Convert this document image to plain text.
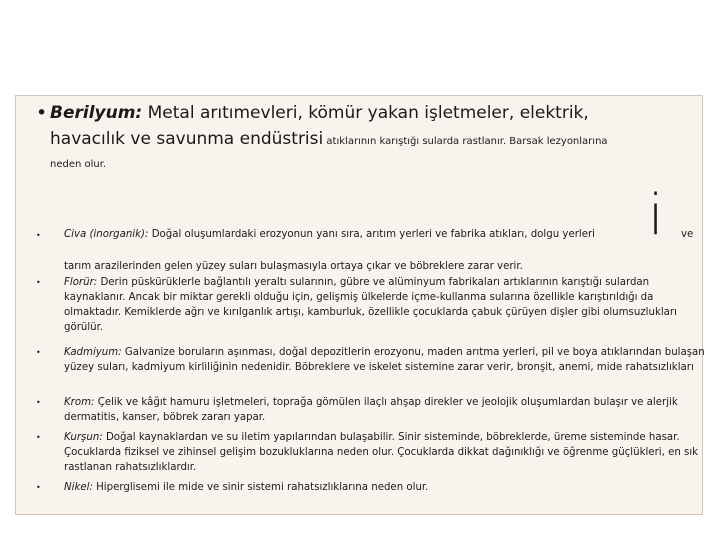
• Berilyum: Metal arıtımevleri, kömür yakan işletmeler, elektrik,
havacılık ve savunma endüstrisi atıklarının karıştığı sularda rastlanır. Barsak lezyonlarına
neden olur.
• Civa (inorganik): Doğal oluşumlardaki erozyonun yanı sıra, arıtım yerleri ve fabrika atıkları, dolgu yerleri i ve
tarım arazilerinden gelen yüzey suları bulaşmasıyla ortaya çıkar ve böbreklere zarar verir.
• Florür: Derin püskürüklerle bağlantılı yeraltı sularının, gübre ve alüminyum fabrikaları artıklarının karıştığı sulardan kaynaklanır. Ancak bir miktar gerekli olduğu için, gelişmiş ülkelerde içme-kullanma sularına özellikle karıştırıldığı da olmaktadır. Kemiklerde ağrı ve kırılganlık artışı, kamburluk, özellikle çocuklarda çabuk çürüyen dişler gibi olumsuzlukları görülür.
• Kadmiyum: Galvanize boruların aşınması, doğal depozitlerin erozyonu, maden arıtma yerleri, pil ve boya atıklarından bulaşan yüzey suları, kadmiyum kirliliğinin nedenidir. Böbreklere ve iskelet sistemine zarar verir, bronşit, anemi, mide rahatsızlıkları
• Krom: Çelik ve kâğıt hamuru işletmeleri, toprağa gömülen ilaçlı ahşap direkler ve jeolojik oluşumlardan bulaşır ve alerjik dermatitis, kanser, böbrek zararı yapar.
• Kurşun: Doğal kaynaklardan ve su iletim yapılarından bulaşabilir. Sinir sisteminde, böbreklerde, üreme sisteminde hasar. Çocuklarda fiziksel ve zihinsel gelişim bozukluklarına neden olur. Çocuklarda dikkat dağınıklığı ve öğrenme güçlükleri, en sık rastlanan rahatsızlıklardır.
• Nikel: Hiperglisemi ile mide ve sinir sistemi rahatsızlıklarına neden olur.
